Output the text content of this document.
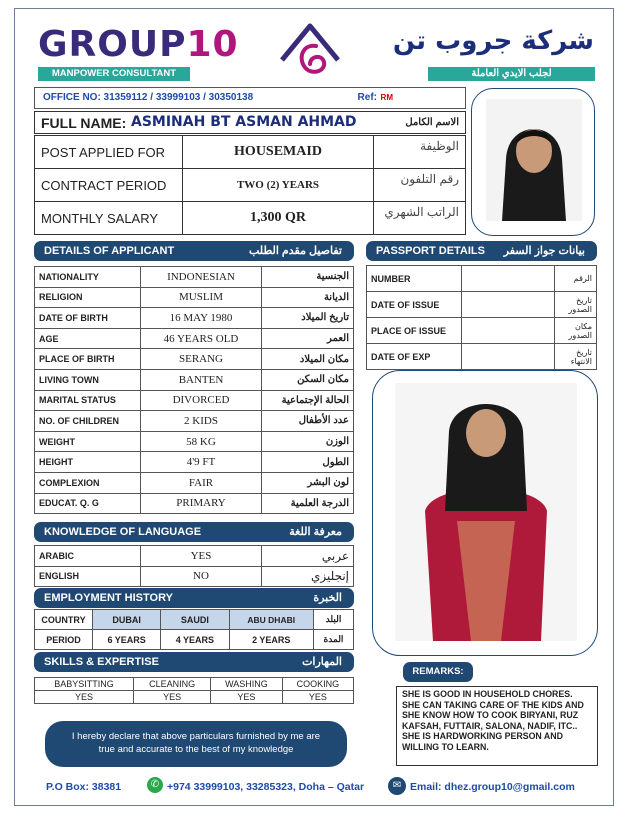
GROUP10
MANPOWER CONSULTANT
شركة جروب تن
لجلب الايدي العاملة
OFFICE NO: 31359112 / 33999103 / 30350138	Ref: RM
FULL NAME: ASMINAH BT ASMAN AHMAD	الاسم الكامل
POST APPLIED FOR	HOUSEMAID	الوظيفة
CONTRACT PERIOD	TWO (2) YEARS	رقم التلفون
MONTHLY SALARY	1,300 QR	الراتب الشهري
DETAILS OF APPLICANT	تفاصيل مقدم الطلب
NATIONALITY	INDONESIAN	الجنسية
RELIGION	MUSLIM	الديانة
DATE OF BIRTH	16 MAY 1980	تاريخ الميلاد
AGE	46 YEARS OLD	العمر
PLACE OF BIRTH	SERANG	مكان الميلاد
LIVING TOWN	BANTEN	مكان السكن
MARITAL STATUS	DIVORCED	الحالة الإجتماعية
NO. OF CHILDREN	2 KIDS	عدد الأطفال
WEIGHT	58 KG	الوزن
HEIGHT	4'9 FT	الطول
COMPLEXION	FAIR	لون البشر
EDUCAT. Q. G	PRIMARY	الدرجة العلمية
PASSPORT DETAILS بيانات جواز السفر
NUMBER		الرقم
DATE OF ISSUE		تاريخ الصدور
PLACE OF ISSUE		مكان الصدور
DATE OF EXP		تاريخ الانتهاء
KNOWLEDGE OF LANGUAGE	معرفة اللغة
ARABIC	YES	عربي
ENGLISH	NO	إنجليزي
EMPLOYMENT HISTORY	الخبرة
COUNTRY	DUBAI	SAUDI	ABU DHABI	البلد
PERIOD	6 YEARS	4 YEARS	2 YEARS	المدة
SKILLS & EXPERTISE	المهارات
BABYSITTING	CLEANING	WASHING	COOKING
YES	YES	YES	YES
REMARKS:
SHE IS GOOD IN HOUSEHOLD CHORES. SHE CAN TAKING CARE OF THE KIDS AND SHE KNOW HOW TO COOK BIRYANI, RUZ KAFSAH, FUTTAIR, SALONA, NADIF, ITC.. SHE IS HARDWORKING PERSON AND WILLING TO LEARN.
I hereby declare that above particulars furnished by me are true and accurate to the best of my knowledge
P.O Box: 38381	✆ +974 33999103, 33285323, Doha – Qatar	✉ Email: dhez.group10@gmail.com
